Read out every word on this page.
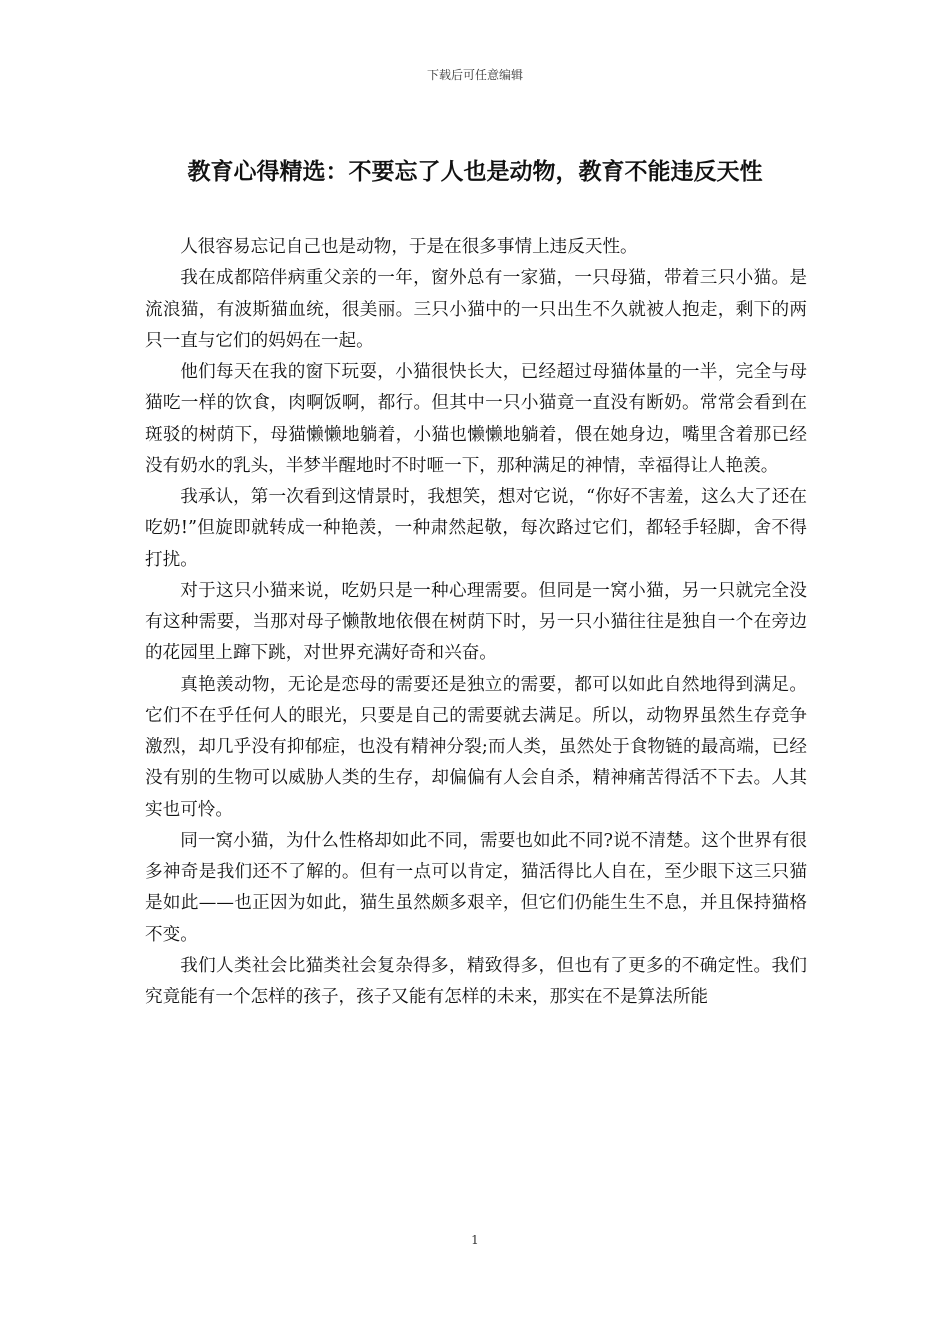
下载后可任意编辑
教育心得精选：不要忘了人也是动物，教育不能违反天性

人很容易忘记自己也是动物，于是在很多事情上违反天性。

我在成都陪伴病重父亲的一年，窗外总有一家猫，一只母猫，带着三只小猫。是流浪猫，有波斯猫血统，很美丽。三只小猫中的一只出生不久就被人抱走，剩下的两只一直与它们的妈妈在一起。

他们每天在我的窗下玩耍，小猫很快长大，已经超过母猫体量的一半，完全与母猫吃一样的饮食，肉啊饭啊，都行。但其中一只小猫竟一直没有断奶。常常会看到在斑驳的树荫下，母猫懒懒地躺着，小猫也懒懒地躺着，偎在她身边，嘴里含着那已经没有奶水的乳头，半梦半醒地时不时咂一下，那种满足的神情，幸福得让人艳羡。

我承认，第一次看到这情景时，我想笑，想对它说，“你好不害羞，这么大了还在吃奶!”但旋即就转成一种艳羡，一种肃然起敬，每次路过它们，都轻手轻脚，舍不得打扰。

对于这只小猫来说，吃奶只是一种心理需要。但同是一窝小猫，另一只就完全没有这种需要，当那对母子懒散地依偎在树荫下时，另一只小猫往往是独自一个在旁边的花园里上蹿下跳，对世界充满好奇和兴奋。

真艳羡动物，无论是恋母的需要还是独立的需要，都可以如此自然地得到满足。它们不在乎任何人的眼光，只要是自己的需要就去满足。所以，动物界虽然生存竞争激烈，却几乎没有抑郁症，也没有精神分裂;而人类，虽然处于食物链的最高端，已经没有别的生物可以威胁人类的生存，却偏偏有人会自杀，精神痛苦得活不下去。人其实也可怜。

同一窝小猫，为什么性格却如此不同，需要也如此不同?说不清楚。这个世界有很多神奇是我们还不了解的。但有一点可以肯定，猫活得比人自在，至少眼下这三只猫是如此——也正因为如此，猫生虽然颇多艰辛，但它们仍能生生不息，并且保持猫格不变。

我们人类社会比猫类社会复杂得多，精致得多，但也有了更多的不确定性。我们究竟能有一个怎样的孩子，孩子又能有怎样的未来，那实在不是算法所能

1
